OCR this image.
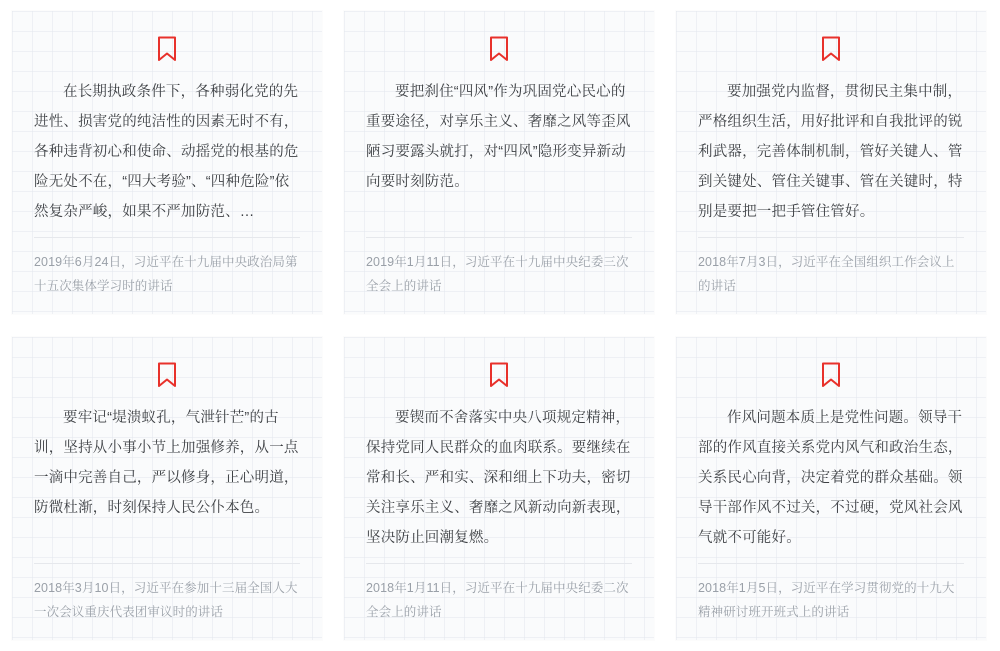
在长期执政条件下，各种弱化党的先进性、损害党的纯洁性的因素无时不有，各种违背初心和使命、动摇党的根基的危险无处不在，“四大考验”、“四种危险”依然复杂严峻，如果不严加防范、…

2019年6月24日，习近平在十九届中央政治局第十五次集体学习时的讲话

要把刹住“四风”作为巩固党心民心的重要途径，对享乐主义、奢靡之风等歪风陋习要露头就打，对“四风”隐形变异新动向要时刻防范。

2019年1月11日，习近平在十九届中央纪委三次全会上的讲话

要加强党内监督，贯彻民主集中制，严格组织生活，用好批评和自我批评的锐利武器，完善体制机制，管好关键人、管到关键处、管住关键事、管在关键时，特别是要把一把手管住管好。

2018年7月3日，习近平在全国组织工作会议上的讲话

要牢记“堤溃蚁孔，气泄针芒”的古训，坚持从小事小节上加强修养，从一点一滴中完善自己，严以修身，正心明道，防微杜渐，时刻保持人民公仆本色。

2018年3月10日，习近平在参加十三届全国人大一次会议重庆代表团审议时的讲话

要锲而不舍落实中央八项规定精神，保持党同人民群众的血肉联系。要继续在常和长、严和实、深和细上下功夫，密切关注享乐主义、奢靡之风新动向新表现，坚决防止回潮复燃。

2018年1月11日，习近平在十九届中央纪委二次全会上的讲话

作风问题本质上是党性问题。领导干部的作风直接关系党内风气和政治生态，关系民心向背，决定着党的群众基础。领导干部作风不过关，不过硬，党风社会风气就不可能好。

2018年1月5日，习近平在学习贯彻党的十九大精神研讨班开班式上的讲话
